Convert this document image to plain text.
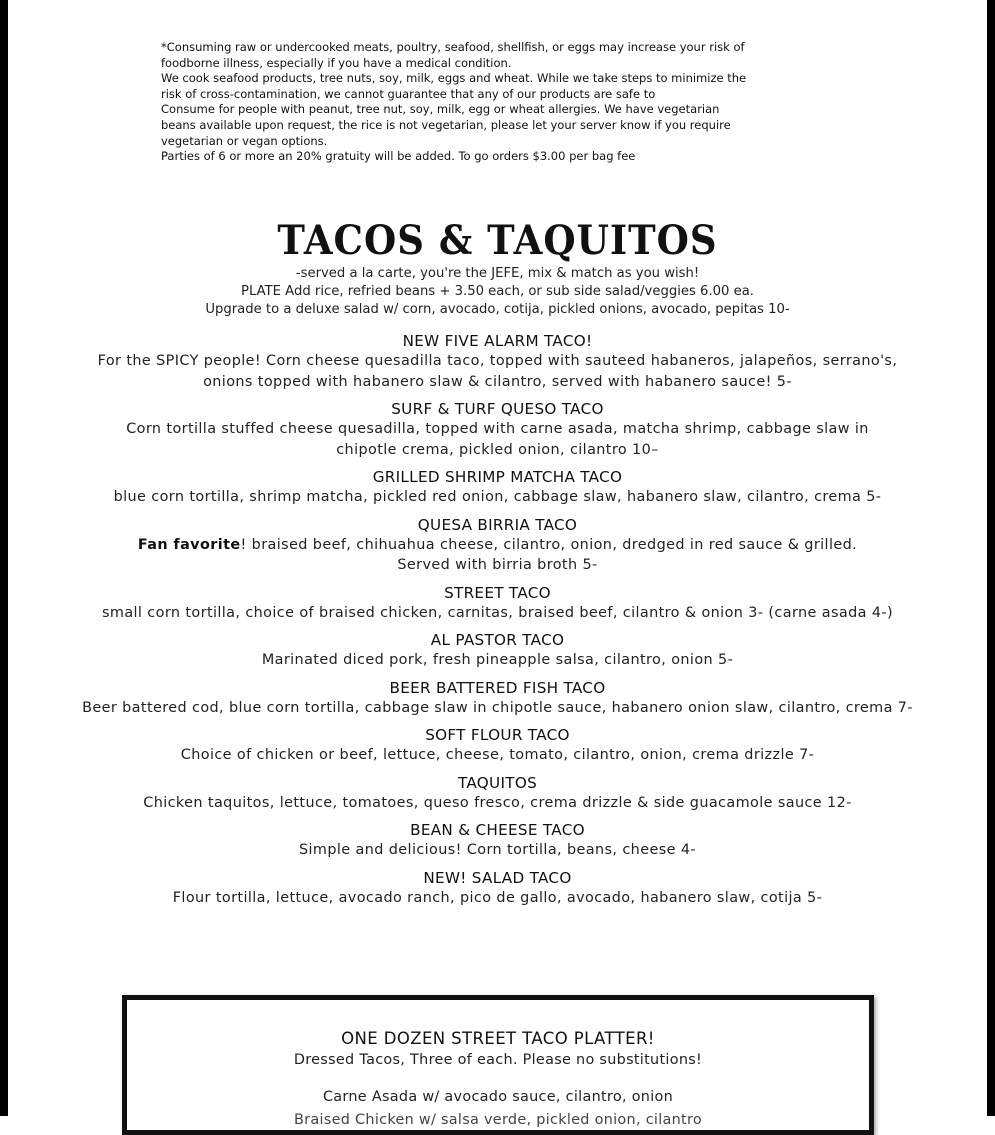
*Consuming raw or undercooked meats, poultry, seafood, shellfish, or eggs may increase your risk of
foodborne illness, especially if you have a medical condition.
We cook seafood products, tree nuts, soy, milk, eggs and wheat. While we take steps to minimize the
risk of cross-contamination, we cannot guarantee that any of our products are safe to
Consume for people with peanut, tree nut, soy, milk, egg or wheat allergies. We have vegetarian
beans available upon request, the rice is not vegetarian, please let your server know if you require
vegetarian or vegan options.
Parties of 6 or more an 20% gratuity will be added. To go orders $3.00 per bag fee
TACOS & TAQUITOS
-served a la carte, you're the JEFE, mix & match as you wish!
PLATE Add rice, refried beans + 3.50 each, or sub side salad/veggies 6.00 ea.
Upgrade to a deluxe salad w/ corn, avocado, cotija, pickled onions, avocado, pepitas 10-
NEW FIVE ALARM TACO!
For the SPICY people! Corn cheese quesadilla taco, topped with sauteed habaneros, jalapeños, serrano's,
onions topped with habanero slaw & cilantro, served with habanero sauce! 5-
SURF & TURF QUESO TACO
Corn tortilla stuffed cheese quesadilla, topped with carne asada, matcha shrimp, cabbage slaw in
chipotle crema, pickled onion, cilantro 10–
GRILLED SHRIMP MATCHA TACO
blue corn tortilla, shrimp matcha, pickled red onion, cabbage slaw, habanero slaw, cilantro, crema 5-
QUESA BIRRIA TACO
Fan favorite! braised beef, chihuahua cheese, cilantro, onion, dredged in red sauce & grilled.
Served with birria broth 5-
STREET TACO
small corn tortilla, choice of braised chicken, carnitas, braised beef, cilantro & onion 3- (carne asada 4-)
AL PASTOR TACO
Marinated diced pork, fresh pineapple salsa, cilantro, onion 5-
BEER BATTERED FISH TACO
Beer battered cod, blue corn tortilla, cabbage slaw in chipotle sauce, habanero onion slaw, cilantro, crema 7-
SOFT FLOUR TACO
Choice of chicken or beef, lettuce, cheese, tomato, cilantro, onion, crema drizzle 7-
TAQUITOS
Chicken taquitos, lettuce, tomatoes, queso fresco, crema drizzle & side guacamole sauce 12-
BEAN & CHEESE TACO
Simple and delicious! Corn tortilla, beans, cheese 4-
NEW! SALAD TACO
Flour tortilla, lettuce, avocado ranch, pico de gallo, avocado, habanero slaw, cotija 5-
ONE DOZEN STREET TACO PLATTER!
Dressed Tacos, Three of each. Please no substitutions!
Carne Asada w/ avocado sauce, cilantro, onion
Braised Chicken w/ salsa verde, pickled onion, cilantro
